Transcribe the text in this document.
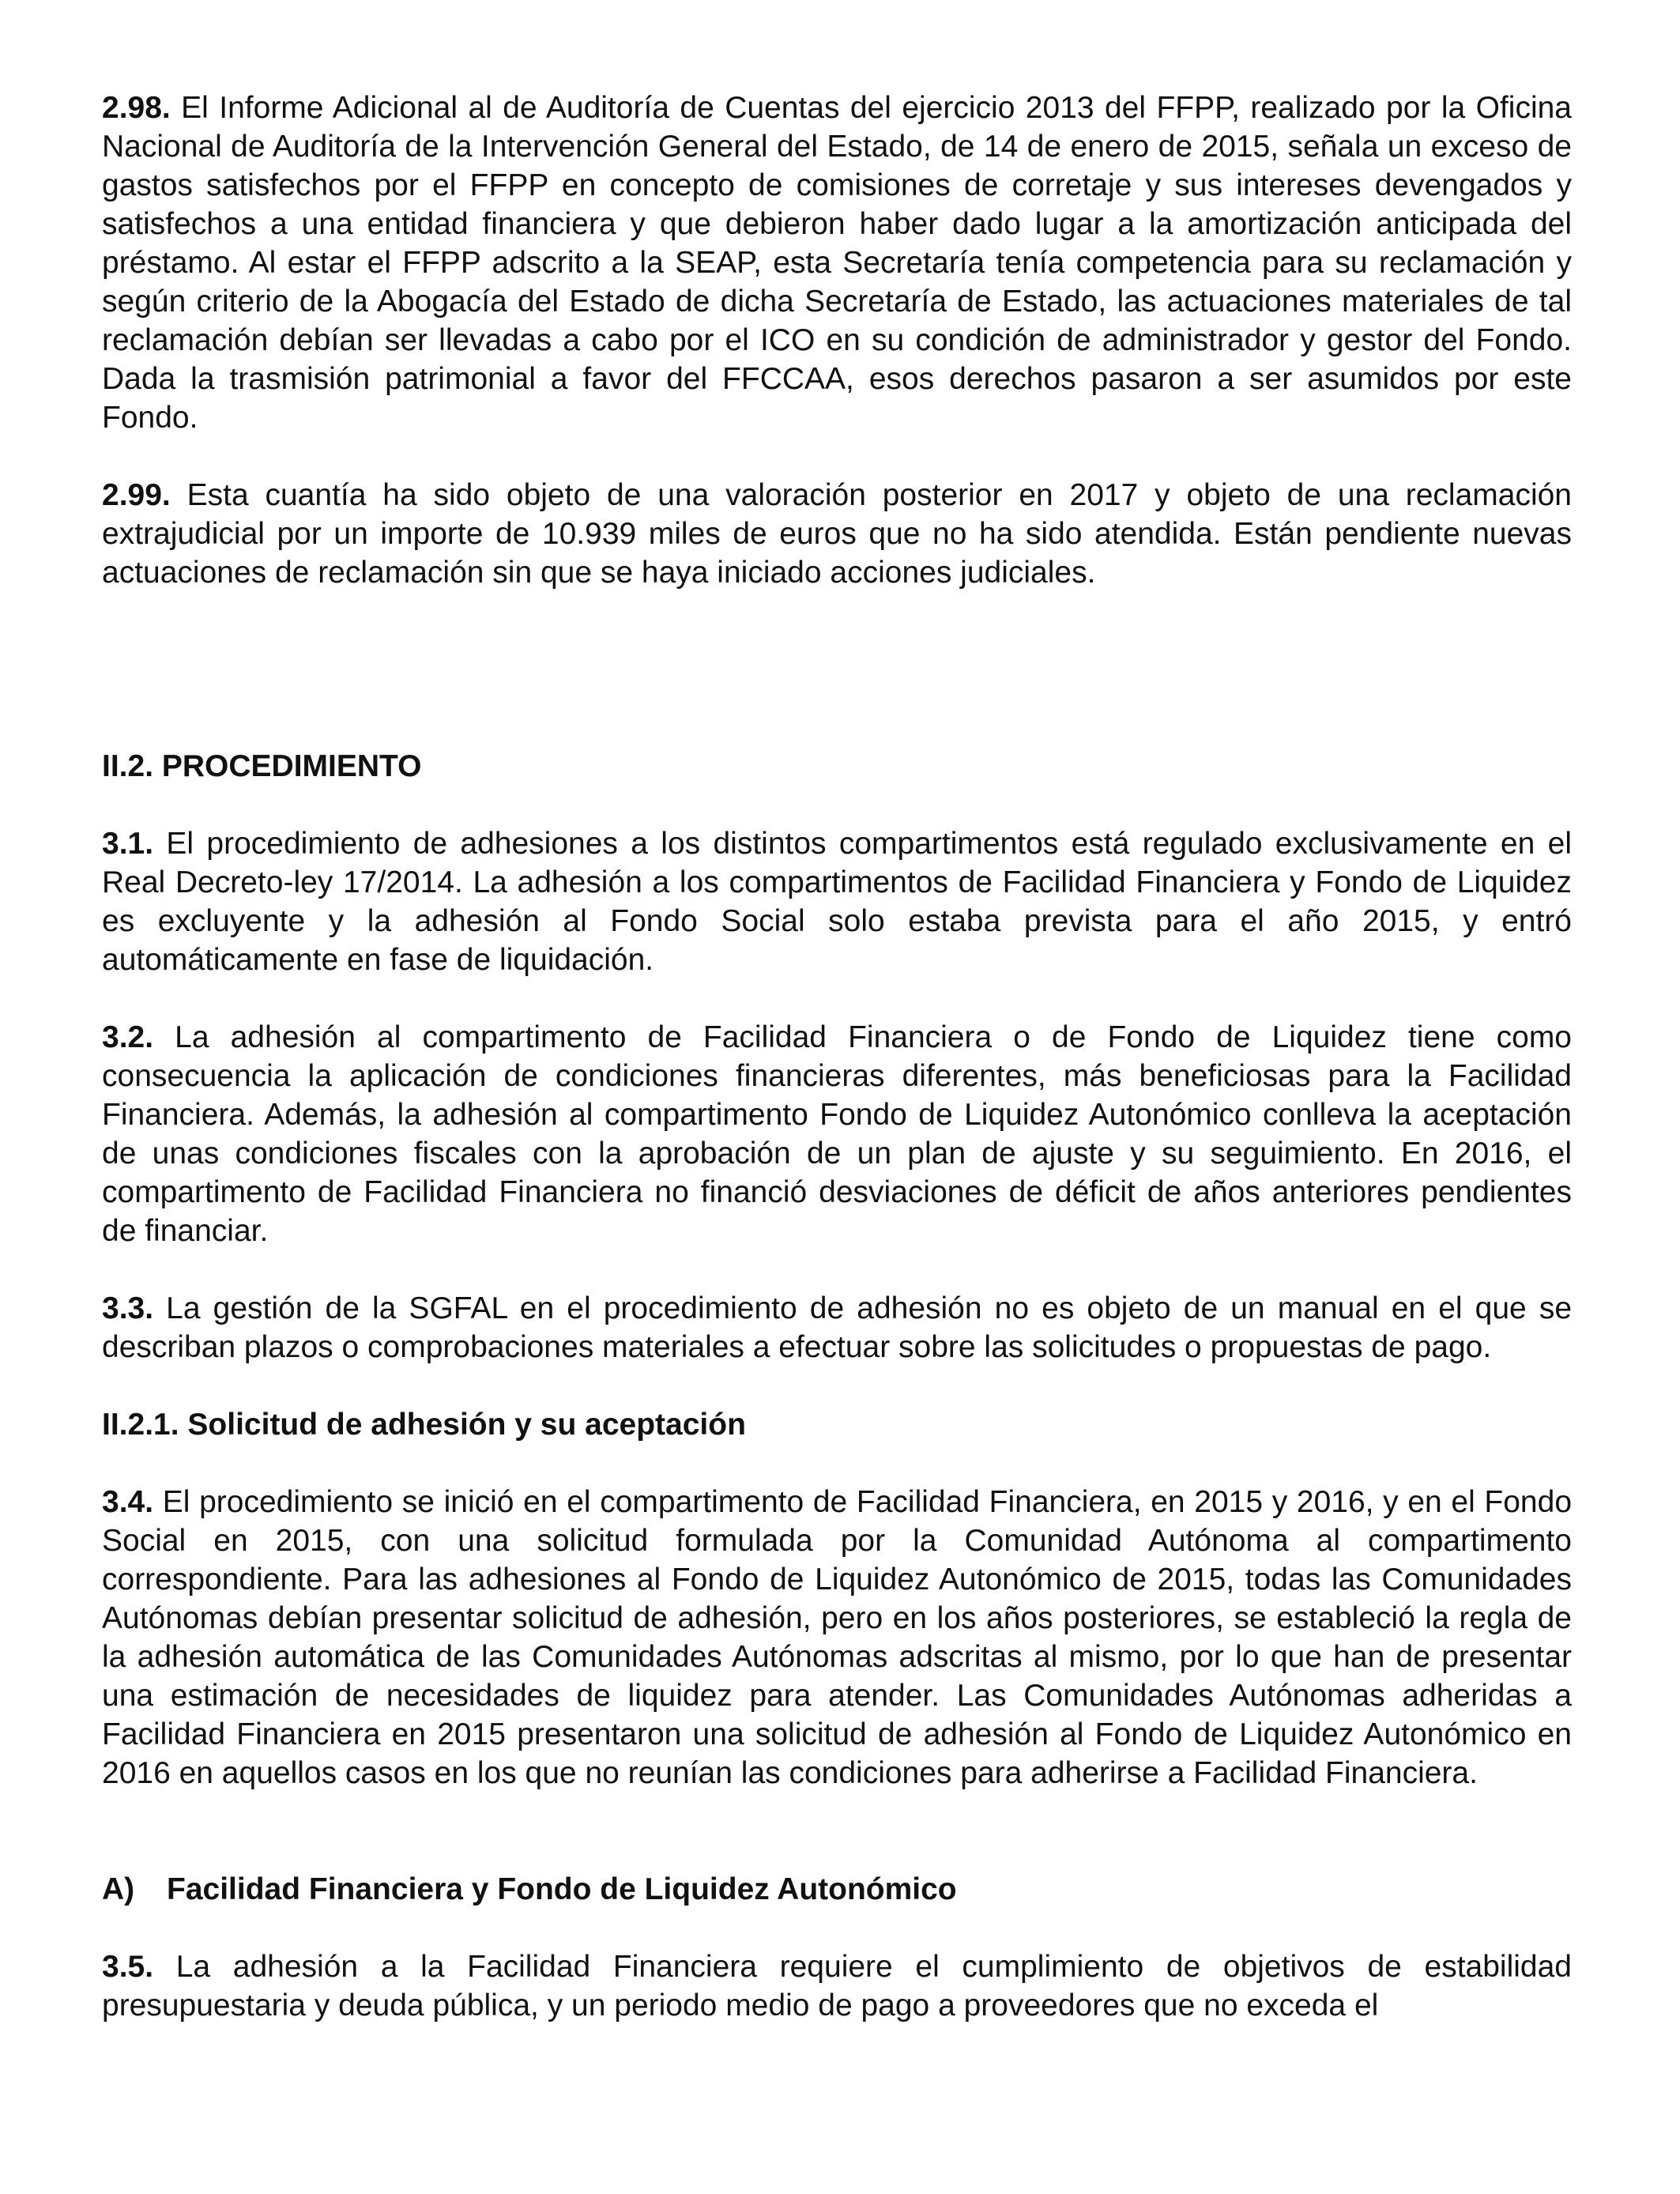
2.98. El Informe Adicional al de Auditoría de Cuentas del ejercicio 2013 del FFPP, realizado por la Oficina Nacional de Auditoría de la Intervención General del Estado, de 14 de enero de 2015, señala un exceso de gastos satisfechos por el FFPP en concepto de comisiones de corretaje y sus intereses devengados y satisfechos a una entidad financiera y que debieron haber dado lugar a la amortización anticipada del préstamo. Al estar el FFPP adscrito a la SEAP, esta Secretaría tenía competencia para su reclamación y según criterio de la Abogacía del Estado de dicha Secretaría de Estado, las actuaciones materiales de tal reclamación debían ser llevadas a cabo por el ICO en su condición de administrador y gestor del Fondo. Dada la trasmisión patrimonial a favor del FFCCAA, esos derechos pasaron a ser asumidos por este Fondo.

2.99. Esta cuantía ha sido objeto de una valoración posterior en 2017 y objeto de una reclamación extrajudicial por un importe de 10.939 miles de euros que no ha sido atendida. Están pendiente nuevas actuaciones de reclamación sin que se haya iniciado acciones judiciales.

II.2. PROCEDIMIENTO

3.1. El procedimiento de adhesiones a los distintos compartimentos está regulado exclusivamente en el Real Decreto-ley 17/2014. La adhesión a los compartimentos de Facilidad Financiera y Fondo de Liquidez es excluyente y la adhesión al Fondo Social solo estaba prevista para el año 2015, y entró automáticamente en fase de liquidación.

3.2. La adhesión al compartimento de Facilidad Financiera o de Fondo de Liquidez tiene como consecuencia la aplicación de condiciones financieras diferentes, más beneficiosas para la Facilidad Financiera. Además, la adhesión al compartimento Fondo de Liquidez Autonómico conlleva la aceptación de unas condiciones fiscales con la aprobación de un plan de ajuste y su seguimiento. En 2016, el compartimento de Facilidad Financiera no financió desviaciones de déficit de años anteriores pendientes de financiar.

3.3. La gestión de la SGFAL en el procedimiento de adhesión no es objeto de un manual en el que se describan plazos o comprobaciones materiales a efectuar sobre las solicitudes o propuestas de pago.

II.2.1. Solicitud de adhesión y su aceptación

3.4. El procedimiento se inició en el compartimento de Facilidad Financiera, en 2015 y 2016, y en el Fondo Social en 2015, con una solicitud formulada por la Comunidad Autónoma al compartimento correspondiente. Para las adhesiones al Fondo de Liquidez Autonómico de 2015, todas las Comunidades Autónomas debían presentar solicitud de adhesión, pero en los años posteriores, se estableció la regla de la adhesión automática de las Comunidades Autónomas adscritas al mismo, por lo que han de presentar una estimación de necesidades de liquidez para atender. Las Comunidades Autónomas adheridas a Facilidad Financiera en 2015 presentaron una solicitud de adhesión al Fondo de Liquidez Autonómico en 2016 en aquellos casos en los que no reunían las condiciones para adherirse a Facilidad Financiera.

A)	Facilidad Financiera y Fondo de Liquidez Autonómico

3.5. La adhesión a la Facilidad Financiera requiere el cumplimiento de objetivos de estabilidad presupuestaria y deuda pública, y un periodo medio de pago a proveedores que no exceda el
